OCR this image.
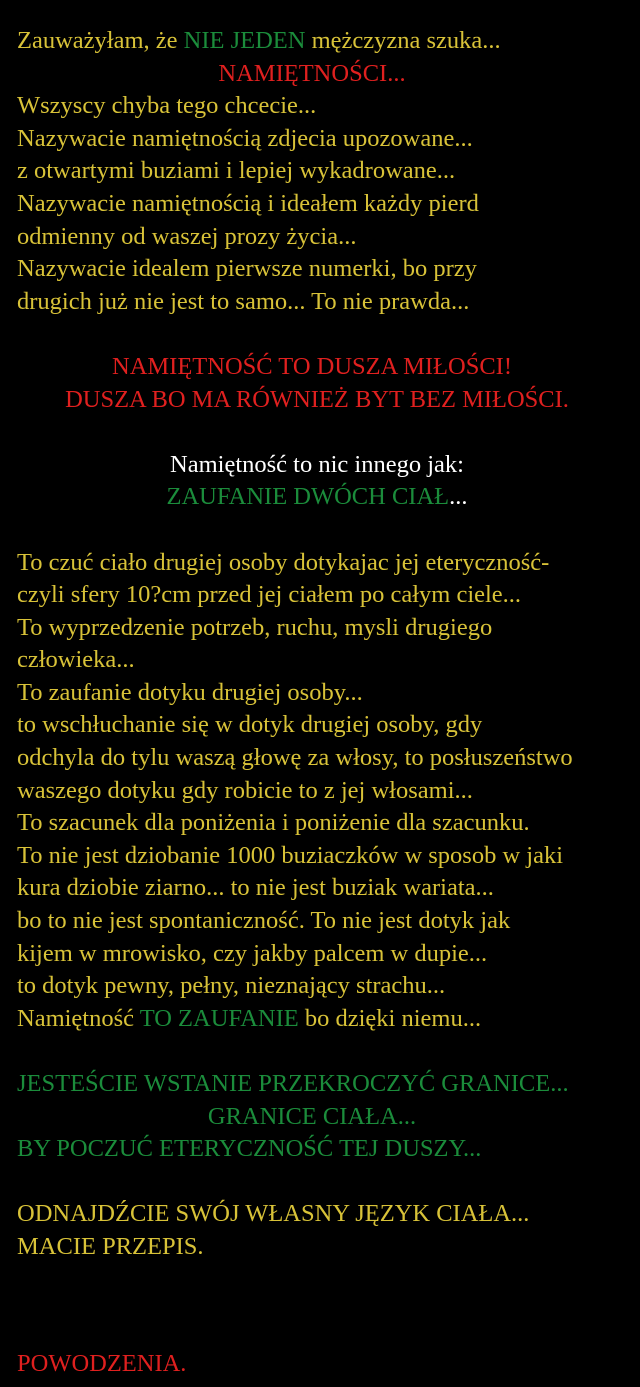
Zauważyłam, że NIE JEDEN mężczyzna szuka...
NAMIĘTNOŚCI...
Wszyscy chyba tego chcecie...
Nazywacie namiętnością zdjecia upozowane...
z otwartymi buziami i lepiej wykadrowane...
Nazywacie namiętnością i ideałem każdy pierd
odmienny od waszej prozy życia...
Nazywacie idealem pierwsze numerki, bo przy
drugich już nie jest to samo... To nie prawda...
NAMIĘTNOŚĆ TO DUSZA MIŁOŚCI!
DUSZA BO MA RÓWNIEŻ BYT BEZ MIŁOŚCI.
Namiętność to nic innego jak:
ZAUFANIE DWÓCH CIAŁ...
To czuć ciało drugiej osoby dotykajac jej eteryczność-
czyli sfery 10?cm przed jej ciałem po całym ciele...
To wyprzedzenie potrzeb, ruchu, mysli drugiego
człowieka...
To zaufanie dotyku drugiej osoby...
to wschłuchanie się w dotyk drugiej osoby, gdy
odchyla do tylu waszą głowę za włosy, to posłuszeństwo
waszego dotyku gdy robicie to z jej włosami...
To szacunek dla poniżenia i poniżenie dla szacunku.
To nie jest dziobanie 1000 buziaczków w sposob w jaki
kura dziobie ziarno... to nie jest buziak wariata...
bo to nie jest spontaniczność. To nie jest dotyk jak
kijem w mrowisko, czy jakby palcem w dupie...
to dotyk pewny, pełny, nieznający strachu...
Namiętność TO ZAUFANIE bo dzięki niemu...
JESTEŚCIE WSTANIE PRZEKROCZYĆ GRANICE...
GRANICE CIAŁA...
BY POCZUĆ ETERYCZNOŚĆ TEJ DUSZY...
ODNAJDŹCIE SWÓJ WŁASNY JĘZYK CIAŁA...
MACIE PRZEPIS.
POWODZENIA.
